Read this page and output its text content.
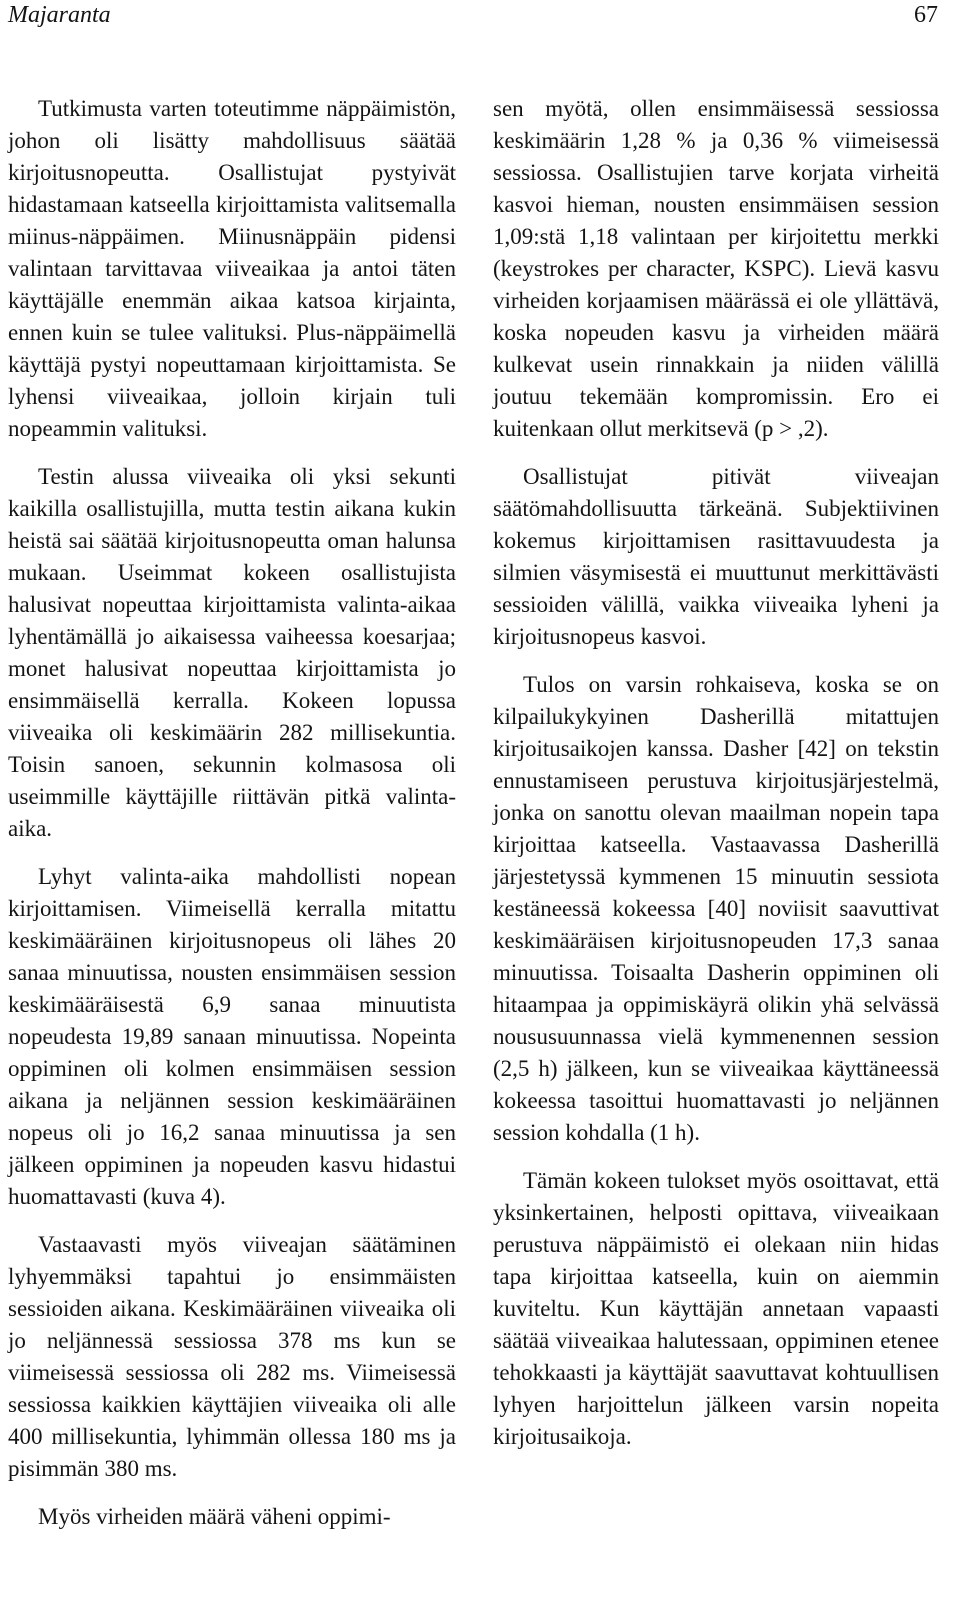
Majaranta	67

Tutkimusta varten toteutimme näppäimistön, johon oli lisätty mahdollisuus säätää kirjoitusnopeutta. Osallistujat pystyivät hidastamaan katseella kirjoittamista valitsemalla miinus-näppäimen. Miinusnäppäin pidensi valintaan tarvittavaa viiveaikaa ja antoi täten käyttäjälle enemmän aikaa katsoa kirjainta, ennen kuin se tulee valituksi. Plus-näppäimellä käyttäjä pystyi nopeuttamaan kirjoittamista. Se lyhensi viiveaikaa, jolloin kirjain tuli nopeammin valituksi.

Testin alussa viiveaika oli yksi sekunti kaikilla osallistujilla, mutta testin aikana kukin heistä sai säätää kirjoitusnopeutta oman halunsa mukaan. Useimmat kokeen osallistujista halusivat nopeuttaa kirjoittamista valinta-aikaa lyhentämällä jo aikaisessa vaiheessa koesarjaa; monet halusivat nopeuttaa kirjoittamista jo ensimmäisellä kerralla. Kokeen lopussa viiveaika oli keskimäärin 282 millisekuntia. Toisin sanoen, sekunnin kolmasosa oli useimmille käyttäjille riittävän pitkä valinta-aika.

Lyhyt valinta-aika mahdollisti nopean kirjoittamisen. Viimeisellä kerralla mitattu keskimääräinen kirjoitusnopeus oli lähes 20 sanaa minuutissa, nousten ensimmäisen session keskimääräisestä 6,9 sanaa minuutista nopeudesta 19,89 sanaan minuutissa. Nopeinta oppiminen oli kolmen ensimmäisen session aikana ja neljännen session keskimääräinen nopeus oli jo 16,2 sanaa minuutissa ja sen jälkeen oppiminen ja nopeuden kasvu hidastui huomattavasti (kuva 4).

Vastaavasti myös viiveajan säätäminen lyhyemmäksi tapahtui jo ensimmäisten sessioiden aikana. Keskimääräinen viiveaika oli jo neljännessä sessiossa 378 ms kun se viimeisessä sessiossa oli 282 ms. Viimeisessä sessiossa kaikkien käyttäjien viiveaika oli alle 400 millisekuntia, lyhimmän ollessa 180 ms ja pisimmän 380 ms.

Myös virheiden määrä väheni oppimi-

sen myötä, ollen ensimmäisessä sessiossa keskimäärin 1,28 % ja 0,36 % viimeisessä sessiossa. Osallistujien tarve korjata virheitä kasvoi hieman, nousten ensimmäisen session 1,09:stä 1,18 valintaan per kirjoitettu merkki (keystrokes per character, KSPC). Lievä kasvu virheiden korjaamisen määrässä ei ole yllättävä, koska nopeuden kasvu ja virheiden määrä kulkevat usein rinnakkain ja niiden välillä joutuu tekemään kompromissin. Ero ei kuitenkaan ollut merkitsevä (p > ,2).

Osallistujat pitivät viiveajan säätömahdollisuutta tärkeänä. Subjektiivinen kokemus kirjoittamisen rasittavuudesta ja silmien väsymisestä ei muuttunut merkittävästi sessioiden välillä, vaikka viiveaika lyheni ja kirjoitusnopeus kasvoi.

Tulos on varsin rohkaiseva, koska se on kilpailukykyinen Dasherillä mitattujen kirjoitusaikojen kanssa. Dasher [42] on tekstin ennustamiseen perustuva kirjoitusjärjestelmä, jonka on sanottu olevan maailman nopein tapa kirjoittaa katseella. Vastaavassa Dasherillä järjestetyssä kymmenen 15 minuutin sessiota kestäneessä kokeessa [40] noviisit saavuttivat keskimääräisen kirjoitusnopeuden 17,3 sanaa minuutissa. Toisaalta Dasherin oppiminen oli hitaampaa ja oppimiskäyrä olikin yhä selvässä noususuunnassa vielä kymmenennen session (2,5 h) jälkeen, kun se viiveaikaa käyttäneessä kokeessa tasoittui huomattavasti jo neljännen session kohdalla (1 h).

Tämän kokeen tulokset myös osoittavat, että yksinkertainen, helposti opittava, viiveaikaan perustuva näppäimistö ei olekaan niin hidas tapa kirjoittaa katseella, kuin on aiemmin kuviteltu. Kun käyttäjän annetaan vapaasti säätää viiveaikaa halutessaan, oppiminen etenee tehokkaasti ja käyttäjät saavuttavat kohtuullisen lyhyen harjoittelun jälkeen varsin nopeita kirjoitusaikoja.
